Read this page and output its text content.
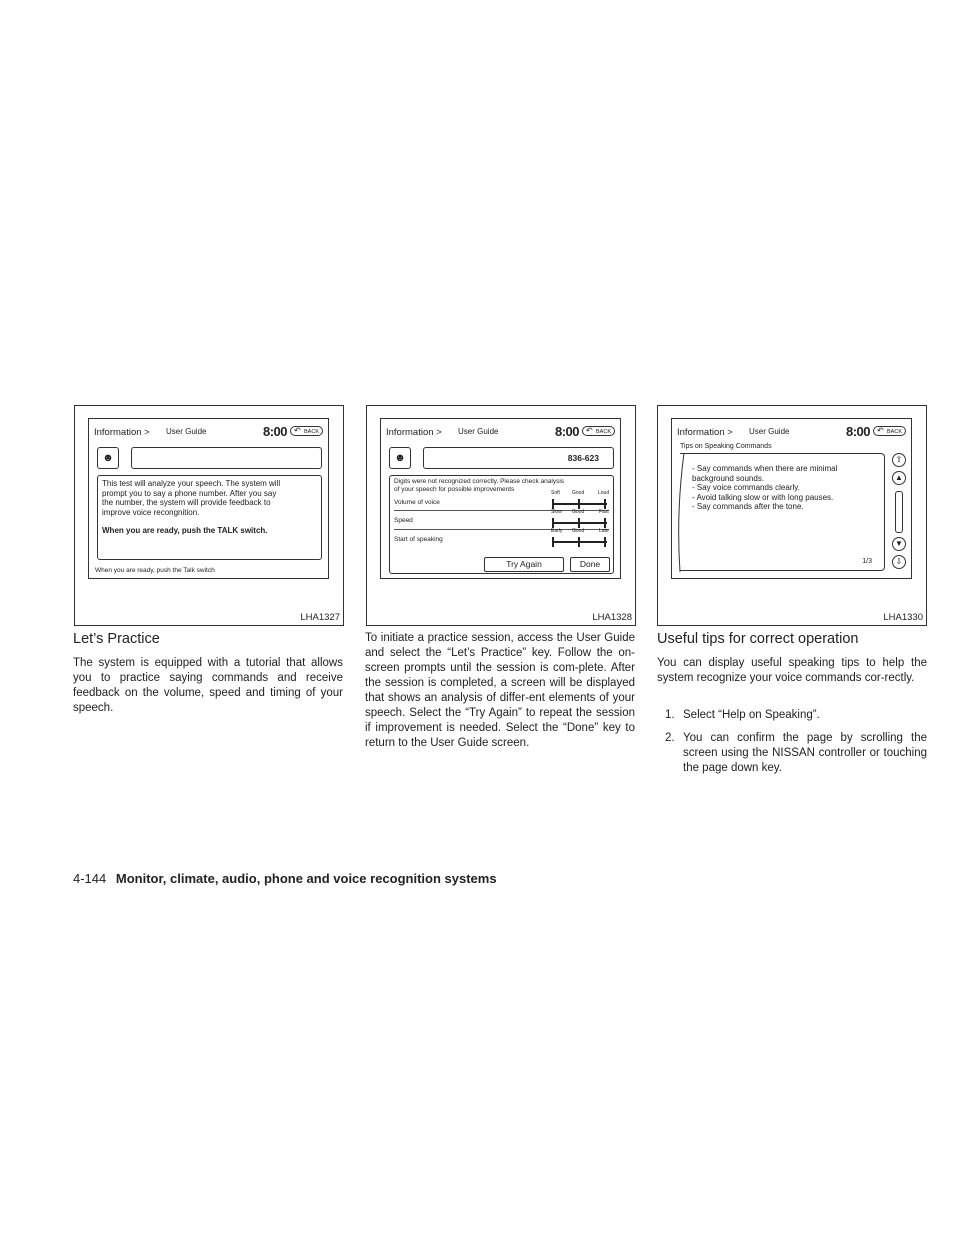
Information > User Guide	8:00	↶ BACK
☻
This test will analyze your speech. The system will
prompt you to say a phone number. After you say
the number, the system will provide feedback to
improve voice recongnition.
When you are ready, push the TALK switch.
When you are ready, push the Talk switch
LHA1327
Information > User Guide	8:00	↶ BACK
☻	836-623
Digits were not recognized correctly. Please check analysis
of your speech for possible improvements
Volume of voice
Soft Good	Loud
Speed
Slow Good	Fast
Start of speaking
Early Good	Late
Try Again	Done
LHA1328
Information > User Guide	8:00	↶ BACK
Tips on Speaking Commands
- Say commands when there are minimal
background sounds.
- Say voice commands clearly.
- Avoid talking slow or with long pauses.
- Say commands after the tone.
1/3
⇧
▲
▼
⇩
LHA1330
Let’s Practice

The system is equipped with a tutorial that allows you to practice saying commands and receive feedback on the volume, speed and timing of your speech.

To initiate a practice session, access the User Guide and select the “Let’s Practice” key. Follow the on-screen prompts until the session is com-plete. After the session is completed, a screen will be displayed that shows an analysis of differ-ent elements of your speech. Select the “Try Again” to repeat the session if improvement is needed. Select the “Done” key to return to the User Guide screen.

Useful tips for correct operation

You can display useful speaking tips to help the system recognize your voice commands cor-rectly.

1. Select “Help on Speaking”.
2. You can confirm the page by scrolling the screen using the NISSAN controller or touching the page down key.
4-144 Monitor, climate, audio, phone and voice recognition systems
